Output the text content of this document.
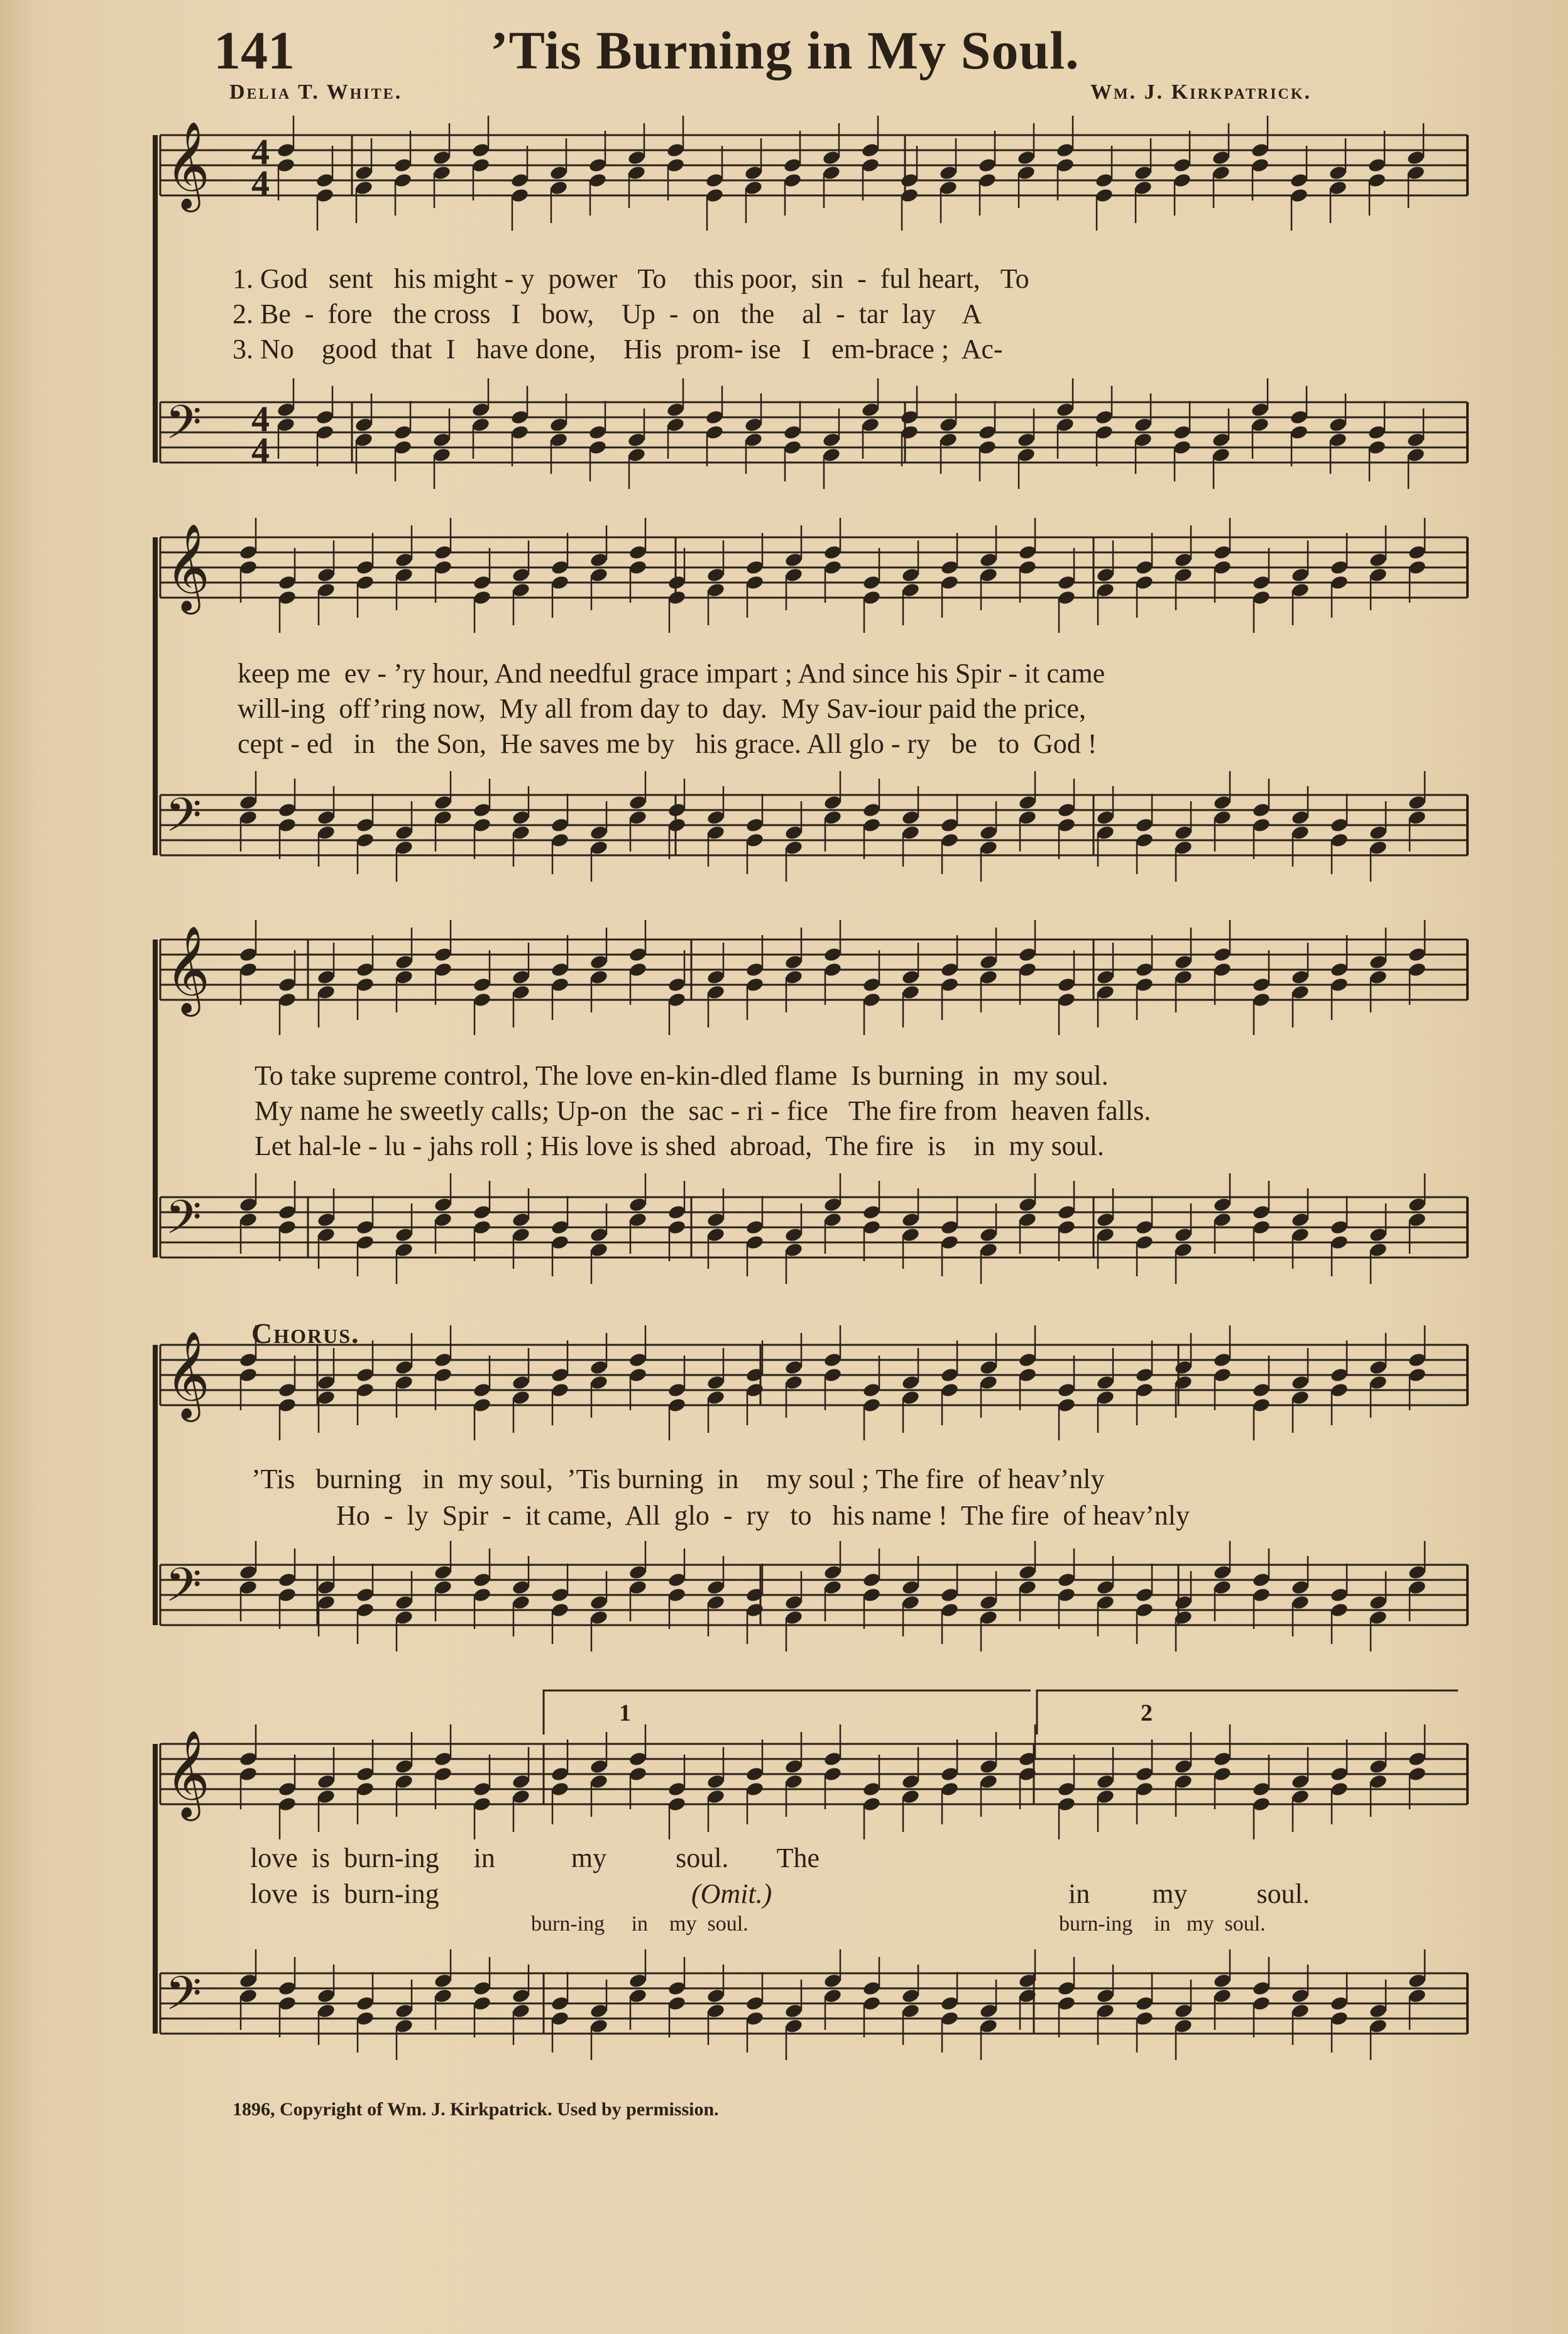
141	’Tis Burning in My Soul.
Delia T. White.	Wm. J. Kirkpatrick.
𝄞
𝄢
𝄞
𝄢
𝄞
𝄢
𝄞
𝄢
𝄞
𝄢
4
4
4
4
1. God   sent   his might - y  power   To    this poor,  sin  -  ful heart,   To
2. Be  -  fore   the cross   I   bow,    Up  -  on   the    al  -  tar  lay    A
3. No    good  that  I   have done,    His  prom- ise   I   em-brace ;  Ac-
keep me  ev - ’ry hour, And needful grace impart ; And since his Spir - it came
will-ing  off’ring now,  My all from day to  day.  My Sav-iour paid the price,
cept - ed   in   the Son,  He saves me by   his grace. All glo - ry   be   to  God !
To take supreme control, The love en-kin-dled flame  Is burning  in  my soul.
My name he sweetly calls; Up-on  the  sac - ri - fice   The fire from  heaven falls.
Let hal-le - lu - jahs roll ; His love is shed  abroad,  The fire  is    in  my soul.
Chorus.
’Tis   burning   in  my soul,  ’Tis burning  in    my soul ; The fire  of heav’nly
Ho  -  ly  Spir  -  it came,  All  glo  -  ry   to   his name !  The fire  of heav’nly
1	2
love  is  burn-ing     in           my          soul.       The
love  is  burn-ing	(Omit.)	in         my          soul.
burn-ing     in    my  soul.	burn-ing    in   my  soul.
1896, Copyright of Wm. J. Kirkpatrick. Used by permission.
